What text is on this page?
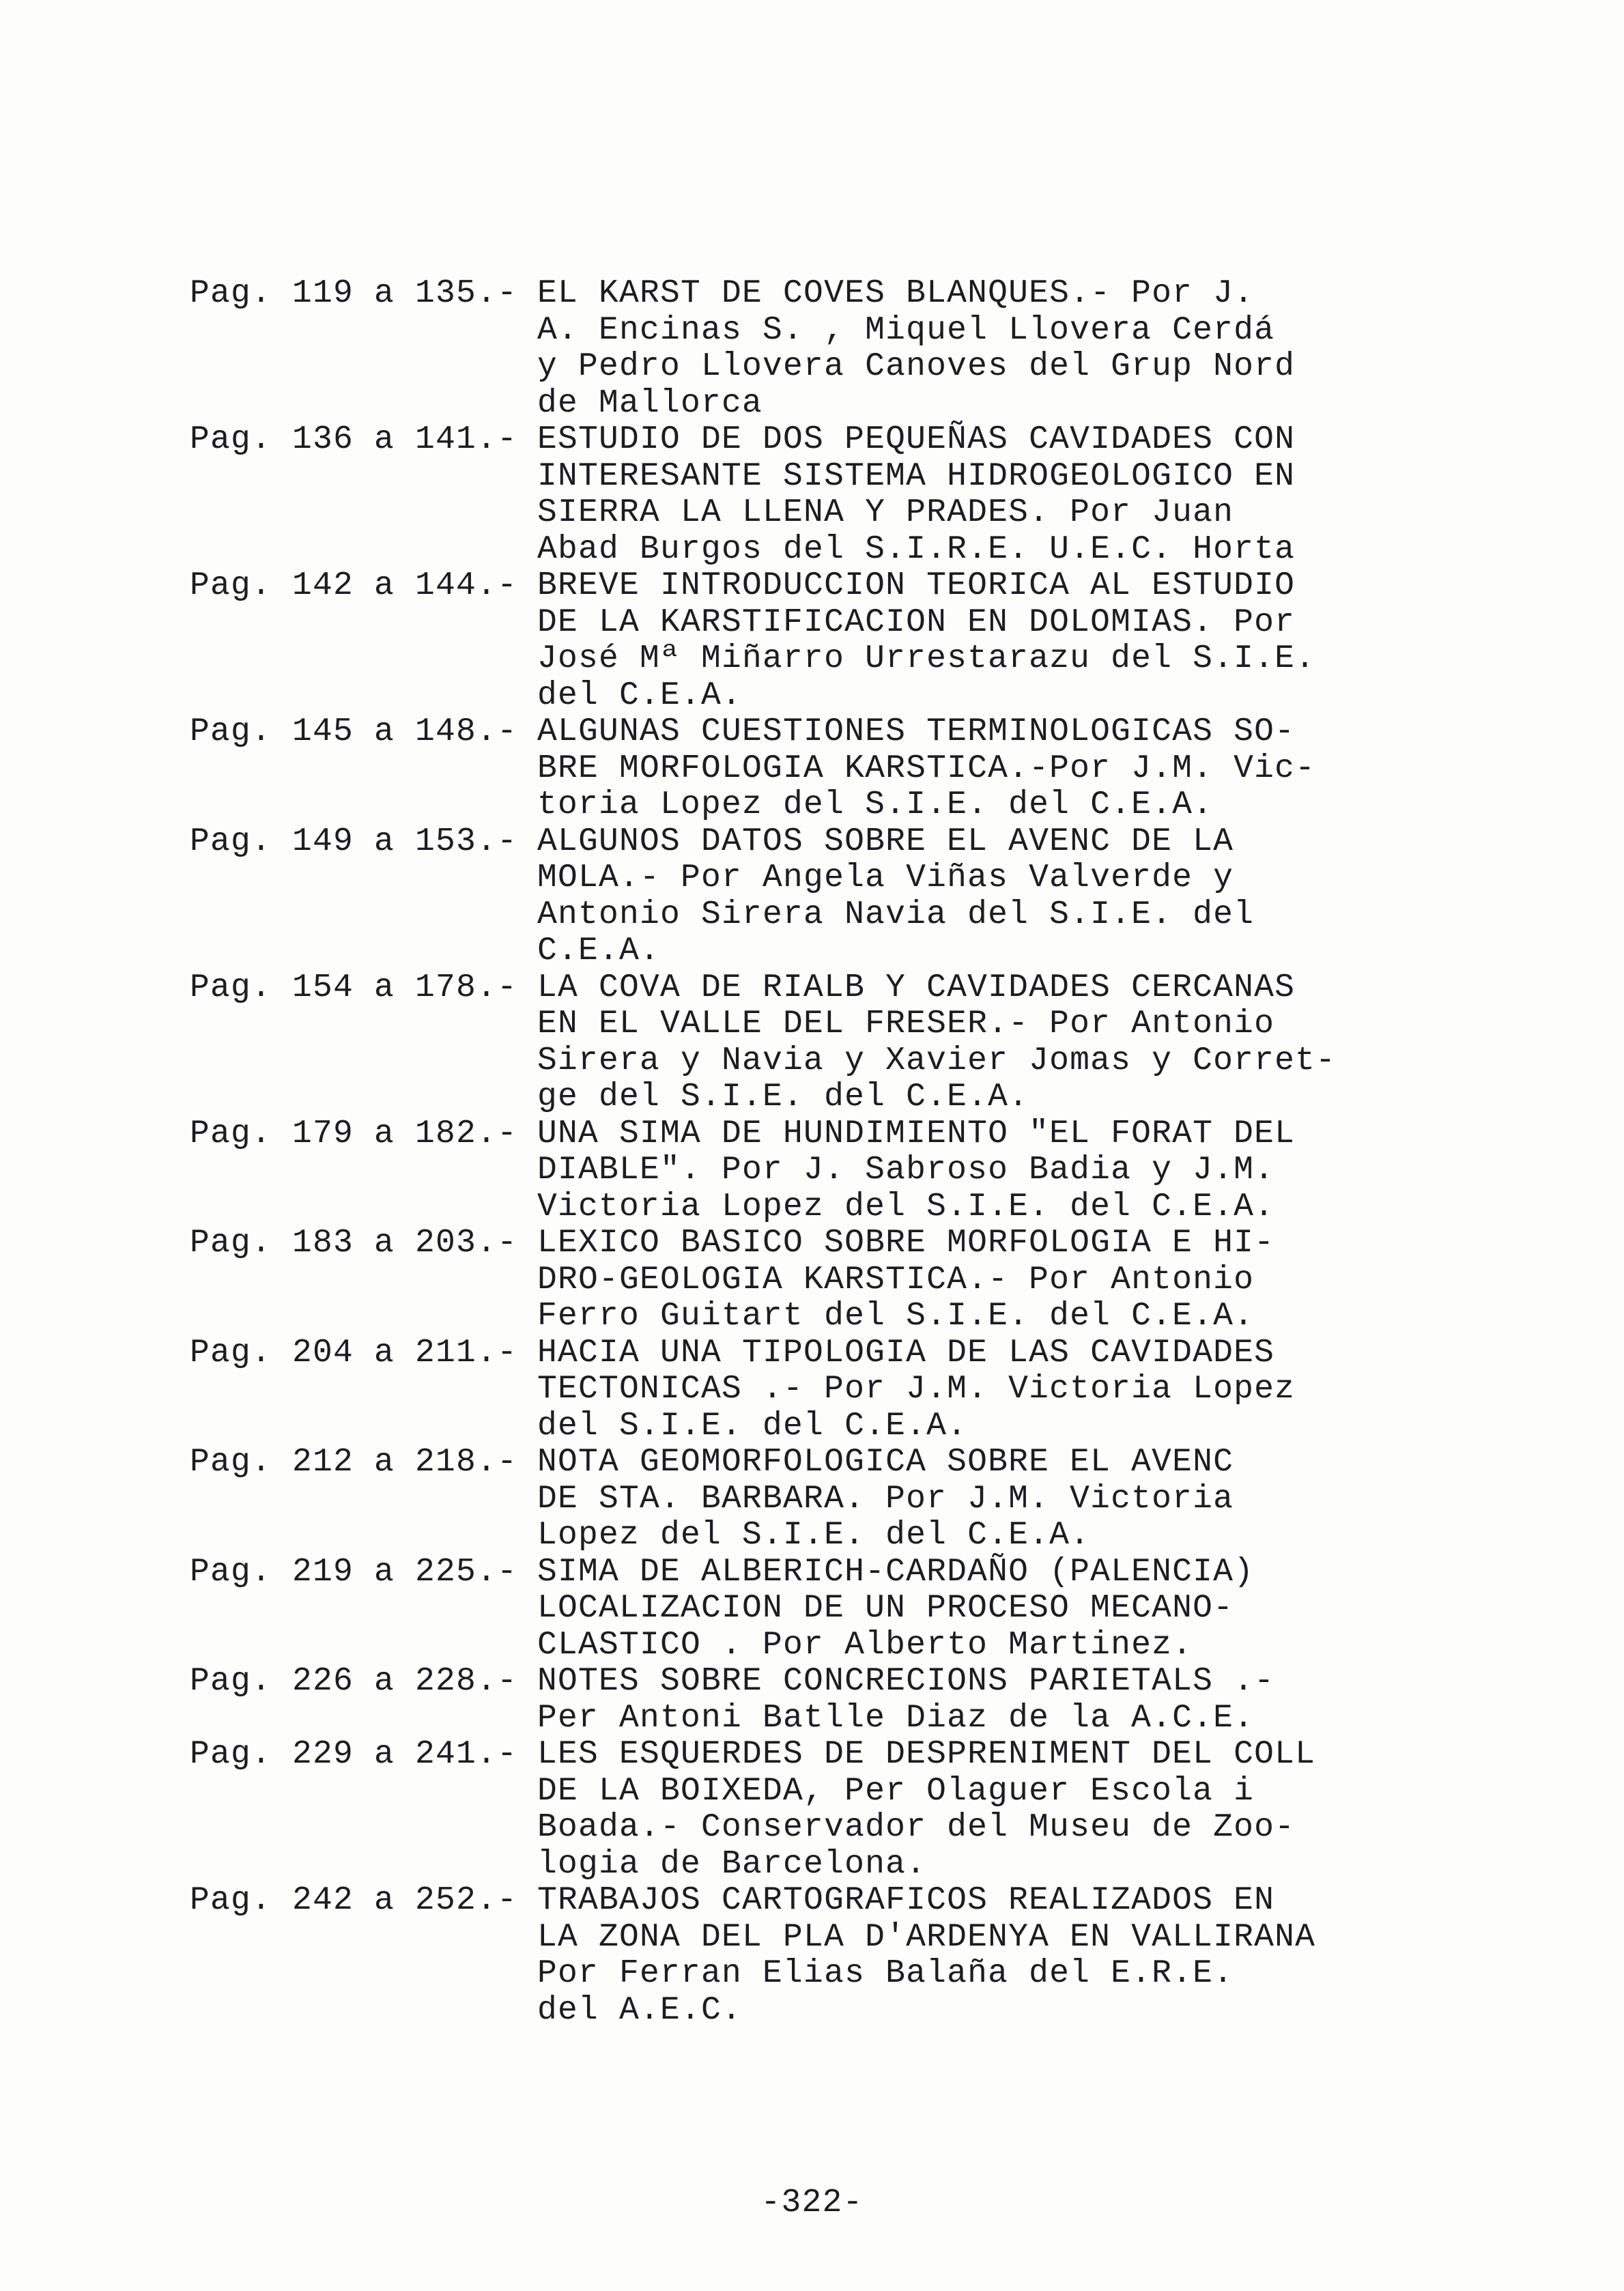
Pag. 119 a 135.- EL KARST DE COVES BLANQUES.- Por J.
A. Encinas S. , Miquel Llovera Cerdá
y Pedro Llovera Canoves del Grup Nord
de Mallorca
Pag. 136 a 141.- ESTUDIO DE DOS PEQUEÑAS CAVIDADES CON
INTERESANTE SISTEMA HIDROGEOLOGICO EN
SIERRA LA LLENA Y PRADES. Por Juan
Abad Burgos del S.I.R.E. U.E.C. Horta
Pag. 142 a 144.- BREVE INTRODUCCION TEORICA AL ESTUDIO
DE LA KARSTIFICACION EN DOLOMIAS. Por
José Mª Miñarro Urrestarazu del S.I.E.
del C.E.A.
Pag. 145 a 148.- ALGUNAS CUESTIONES TERMINOLOGICAS SO-
BRE MORFOLOGIA KARSTICA.-Por J.M. Vic-
toria Lopez del S.I.E. del C.E.A.
Pag. 149 a 153.- ALGUNOS DATOS SOBRE EL AVENC DE LA
MOLA.- Por Angela Viñas Valverde y
Antonio Sirera Navia del S.I.E. del
C.E.A.
Pag. 154 a 178.- LA COVA DE RIALB Y CAVIDADES CERCANAS
EN EL VALLE DEL FRESER.- Por Antonio
Sirera y Navia y Xavier Jomas y Corret-
ge del S.I.E. del C.E.A.
Pag. 179 a 182.- UNA SIMA DE HUNDIMIENTO "EL FORAT DEL
DIABLE". Por J. Sabroso Badia y J.M.
Victoria Lopez del S.I.E. del C.E.A.
Pag. 183 a 203.- LEXICO BASICO SOBRE MORFOLOGIA E HI-
DRO-GEOLOGIA KARSTICA.- Por Antonio
Ferro Guitart del S.I.E. del C.E.A.
Pag. 204 a 211.- HACIA UNA TIPOLOGIA DE LAS CAVIDADES
TECTONICAS .- Por J.M. Victoria Lopez
del S.I.E. del C.E.A.
Pag. 212 a 218.- NOTA GEOMORFOLOGICA SOBRE EL AVENC
DE STA. BARBARA. Por J.M. Victoria
Lopez del S.I.E. del C.E.A.
Pag. 219 a 225.- SIMA DE ALBERICH-CARDAÑO (PALENCIA)
LOCALIZACION DE UN PROCESO MECANO-
CLASTICO . Por Alberto Martinez.
Pag. 226 a 228.- NOTES SOBRE CONCRECIONS PARIETALS .-
Per Antoni Batlle Diaz de la A.C.E.
Pag. 229 a 241.- LES ESQUERDES DE DESPRENIMENT DEL COLL
DE LA BOIXEDA, Per Olaguer Escola i
Boada.- Conservador del Museu de Zoo-
logia de Barcelona.
Pag. 242 a 252.- TRABAJOS CARTOGRAFICOS REALIZADOS EN
LA ZONA DEL PLA D'ARDENYA EN VALLIRANA
Por Ferran Elias Balaña del E.R.E.
del A.E.C.
-322-
